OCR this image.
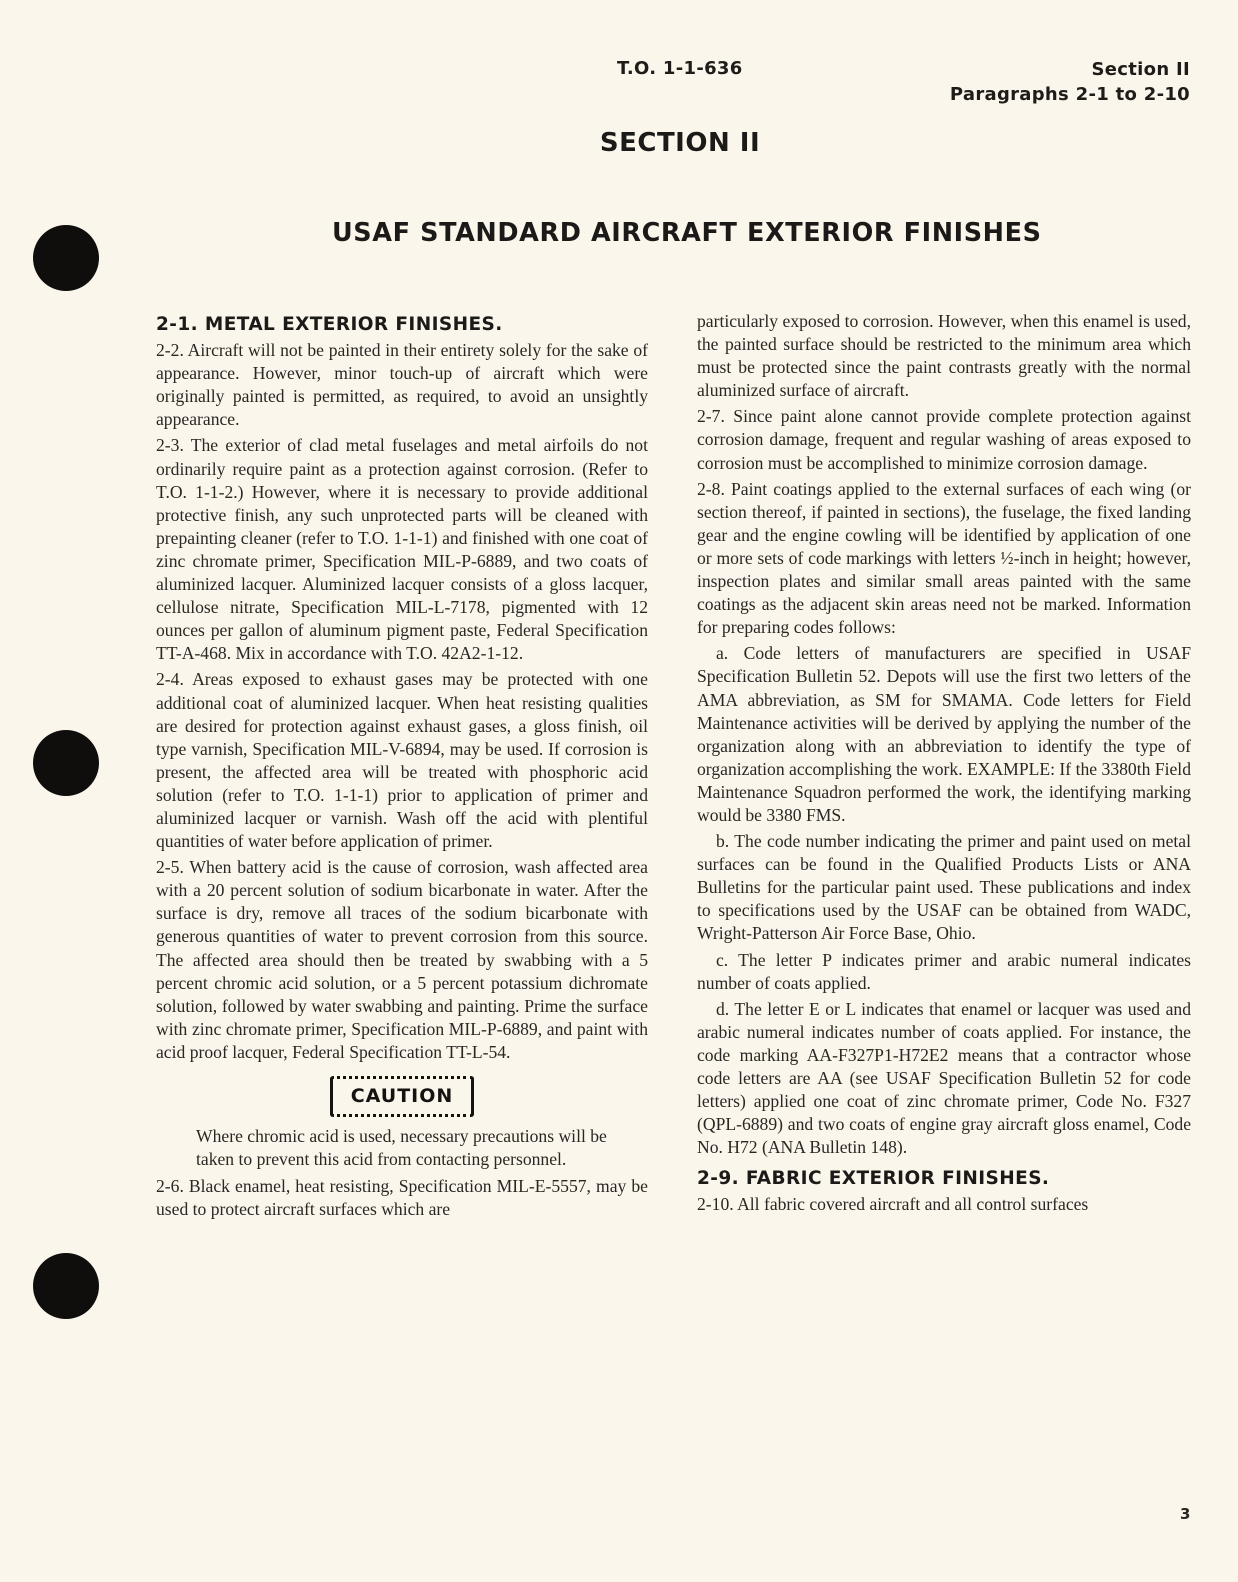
T.O. 1-1-636	Section II
Paragraphs 2-1 to 2-10
SECTION II
USAF STANDARD AIRCRAFT EXTERIOR FINISHES
2-1. METAL EXTERIOR FINISHES.

2-2. Aircraft will not be painted in their entirety solely for the sake of appearance. However, minor touch-up of aircraft which were originally painted is permitted, as required, to avoid an unsightly appearance.

2-3. The exterior of clad metal fuselages and metal airfoils do not ordinarily require paint as a protection against corrosion. (Refer to T.O. 1-1-2.) However, where it is necessary to provide additional protective finish, any such unprotected parts will be cleaned with prepainting cleaner (refer to T.O. 1-1-1) and finished with one coat of zinc chromate primer, Specification MIL-P-6889, and two coats of aluminized lacquer. Aluminized lacquer consists of a gloss lacquer, cellulose nitrate, Specification MIL-L-7178, pigmented with 12 ounces per gallon of aluminum pigment paste, Federal Specification TT-A-468. Mix in accordance with T.O. 42A2-1-12.

2-4. Areas exposed to exhaust gases may be protected with one additional coat of aluminized lacquer. When heat resisting qualities are desired for protection against exhaust gases, a gloss finish, oil type varnish, Specification MIL-V-6894, may be used. If corrosion is present, the affected area will be treated with phosphoric acid solution (refer to T.O. 1-1-1) prior to application of primer and aluminized lacquer or varnish. Wash off the acid with plentiful quantities of water before application of primer.

2-5. When battery acid is the cause of corrosion, wash affected area with a 20 percent solution of sodium bicarbonate in water. After the surface is dry, remove all traces of the sodium bicarbonate with generous quantities of water to prevent corrosion from this source. The affected area should then be treated by swabbing with a 5 percent chromic acid solution, or a 5 percent potassium dichromate solution, followed by water swabbing and painting. Prime the surface with zinc chromate primer, Specification MIL-P-6889, and paint with acid proof lacquer, Federal Specification TT-L-54.

CAUTION

Where chromic acid is used, necessary precautions will be taken to prevent this acid from contacting personnel.

2-6. Black enamel, heat resisting, Specification MIL-E-5557, may be used to protect aircraft surfaces which are

particularly exposed to corrosion. However, when this enamel is used, the painted surface should be restricted to the minimum area which must be protected since the paint contrasts greatly with the normal aluminized surface of aircraft.

2-7. Since paint alone cannot provide complete protection against corrosion damage, frequent and regular washing of areas exposed to corrosion must be accomplished to minimize corrosion damage.

2-8. Paint coatings applied to the external surfaces of each wing (or section thereof, if painted in sections), the fuselage, the fixed landing gear and the engine cowling will be identified by application of one or more sets of code markings with letters ½-inch in height; however, inspection plates and similar small areas painted with the same coatings as the adjacent skin areas need not be marked. Information for preparing codes follows:

a. Code letters of manufacturers are specified in USAF Specification Bulletin 52. Depots will use the first two letters of the AMA abbreviation, as SM for SMAMA. Code letters for Field Maintenance activities will be derived by applying the number of the organization along with an abbreviation to identify the type of organization accomplishing the work. EXAMPLE: If the 3380th Field Maintenance Squadron performed the work, the identifying marking would be 3380 FMS.

b. The code number indicating the primer and paint used on metal surfaces can be found in the Qualified Products Lists or ANA Bulletins for the particular paint used. These publications and index to specifications used by the USAF can be obtained from WADC, Wright-Patterson Air Force Base, Ohio.

c. The letter P indicates primer and arabic numeral indicates number of coats applied.

d. The letter E or L indicates that enamel or lacquer was used and arabic numeral indicates number of coats applied. For instance, the code marking AA-F327P1-H72E2 means that a contractor whose code letters are AA (see USAF Specification Bulletin 52 for code letters) applied one coat of zinc chromate primer, Code No. F327 (QPL-6889) and two coats of engine gray aircraft gloss enamel, Code No. H72 (ANA Bulletin 148).

2-9. FABRIC EXTERIOR FINISHES.

2-10. All fabric covered aircraft and all control surfaces

3
